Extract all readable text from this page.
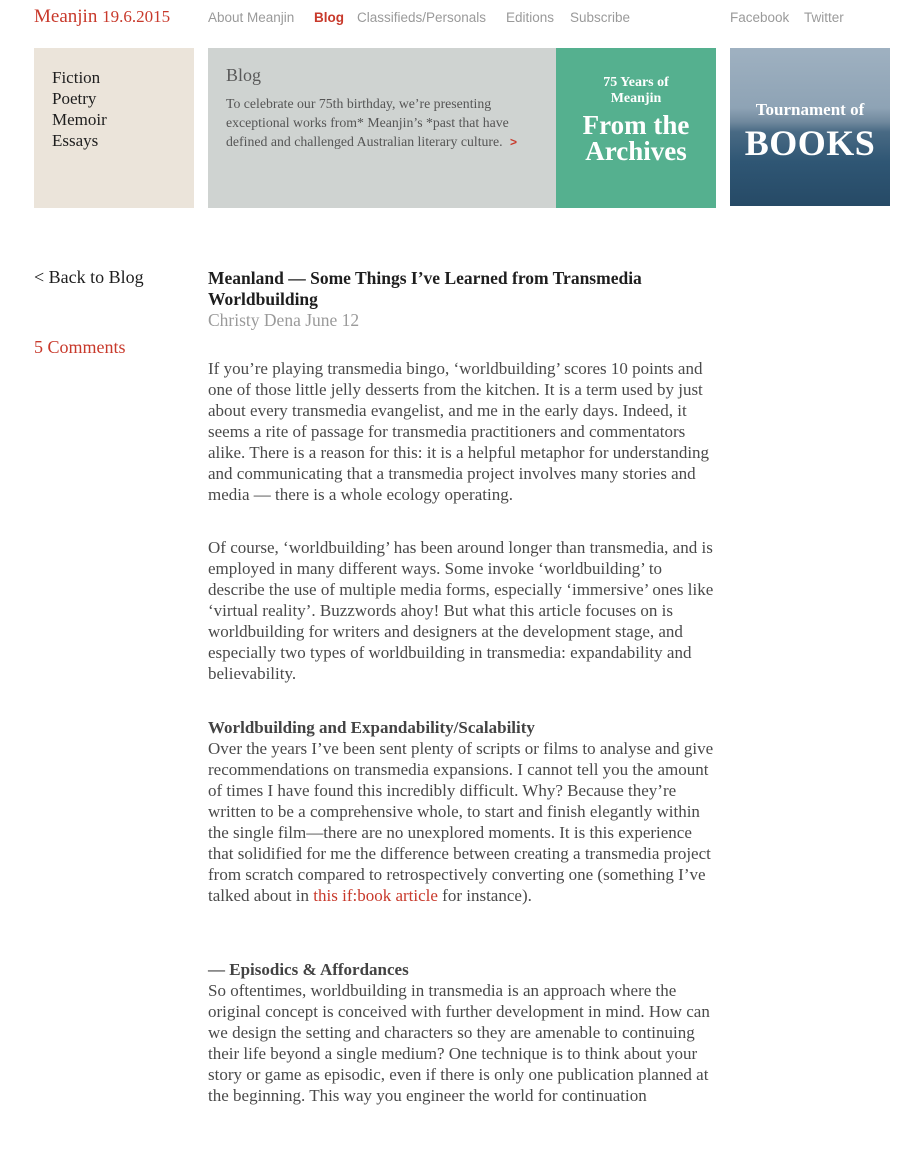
Meanjin 19.6.2015	About Meanjin Blog Classifieds/Personals Editions Subscribe	Facebook Twitter
Fiction
Poetry
Memoir
Essays
Blog
To celebrate our 75th birthday, we’re presenting exceptional works from* Meanjin’s *past that have defined and challenged Australian literary culture. >
75 Years of
Meanjin
From the
Archives
Tournament of
BOOKS
< Back to Blog
5 Comments
Meanland — Some Things I’ve Learned from Transmedia Worldbuilding
Christy Dena June 12

If you’re playing transmedia bingo, ‘worldbuilding’ scores 10 points and one of those little jelly desserts from the kitchen. It is a term used by just about every transmedia evangelist, and me in the early days. Indeed, it seems a rite of passage for transmedia practitioners and commentators alike. There is a reason for this: it is a helpful metaphor for understanding and communicating that a transmedia project involves many stories and media — there is a whole ecology operating.

Of course, ‘worldbuilding’ has been around longer than transmedia, and is employed in many different ways. Some invoke ‘worldbuilding’ to describe the use of multiple media forms, especially ‘immersive’ ones like ‘virtual reality’. Buzzwords ahoy! But what this article focuses on is worldbuilding for writers and designers at the development stage, and especially two types of worldbuilding in transmedia: expandability and believability.

Worldbuilding and Expandability/Scalability

Over the years I’ve been sent plenty of scripts or films to analyse and give recommendations on transmedia expansions. I cannot tell you the amount of times I have found this incredibly difficult. Why? Because they’re written to be a comprehensive whole, to start and finish elegantly within the single film—there are no unexplored moments. It is this experience that solidified for me the difference between creating a transmedia project from scratch compared to retrospectively converting one (something I’ve talked about in this if:book article for instance).

— Episodics & Affordances

So oftentimes, worldbuilding in transmedia is an approach where the original concept is conceived with further development in mind. How can we design the setting and characters so they are amenable to continuing their life beyond a single medium? One technique is to think about your story or game as episodic, even if there is only one publication planned at the beginning. This way you engineer the world for continuation
